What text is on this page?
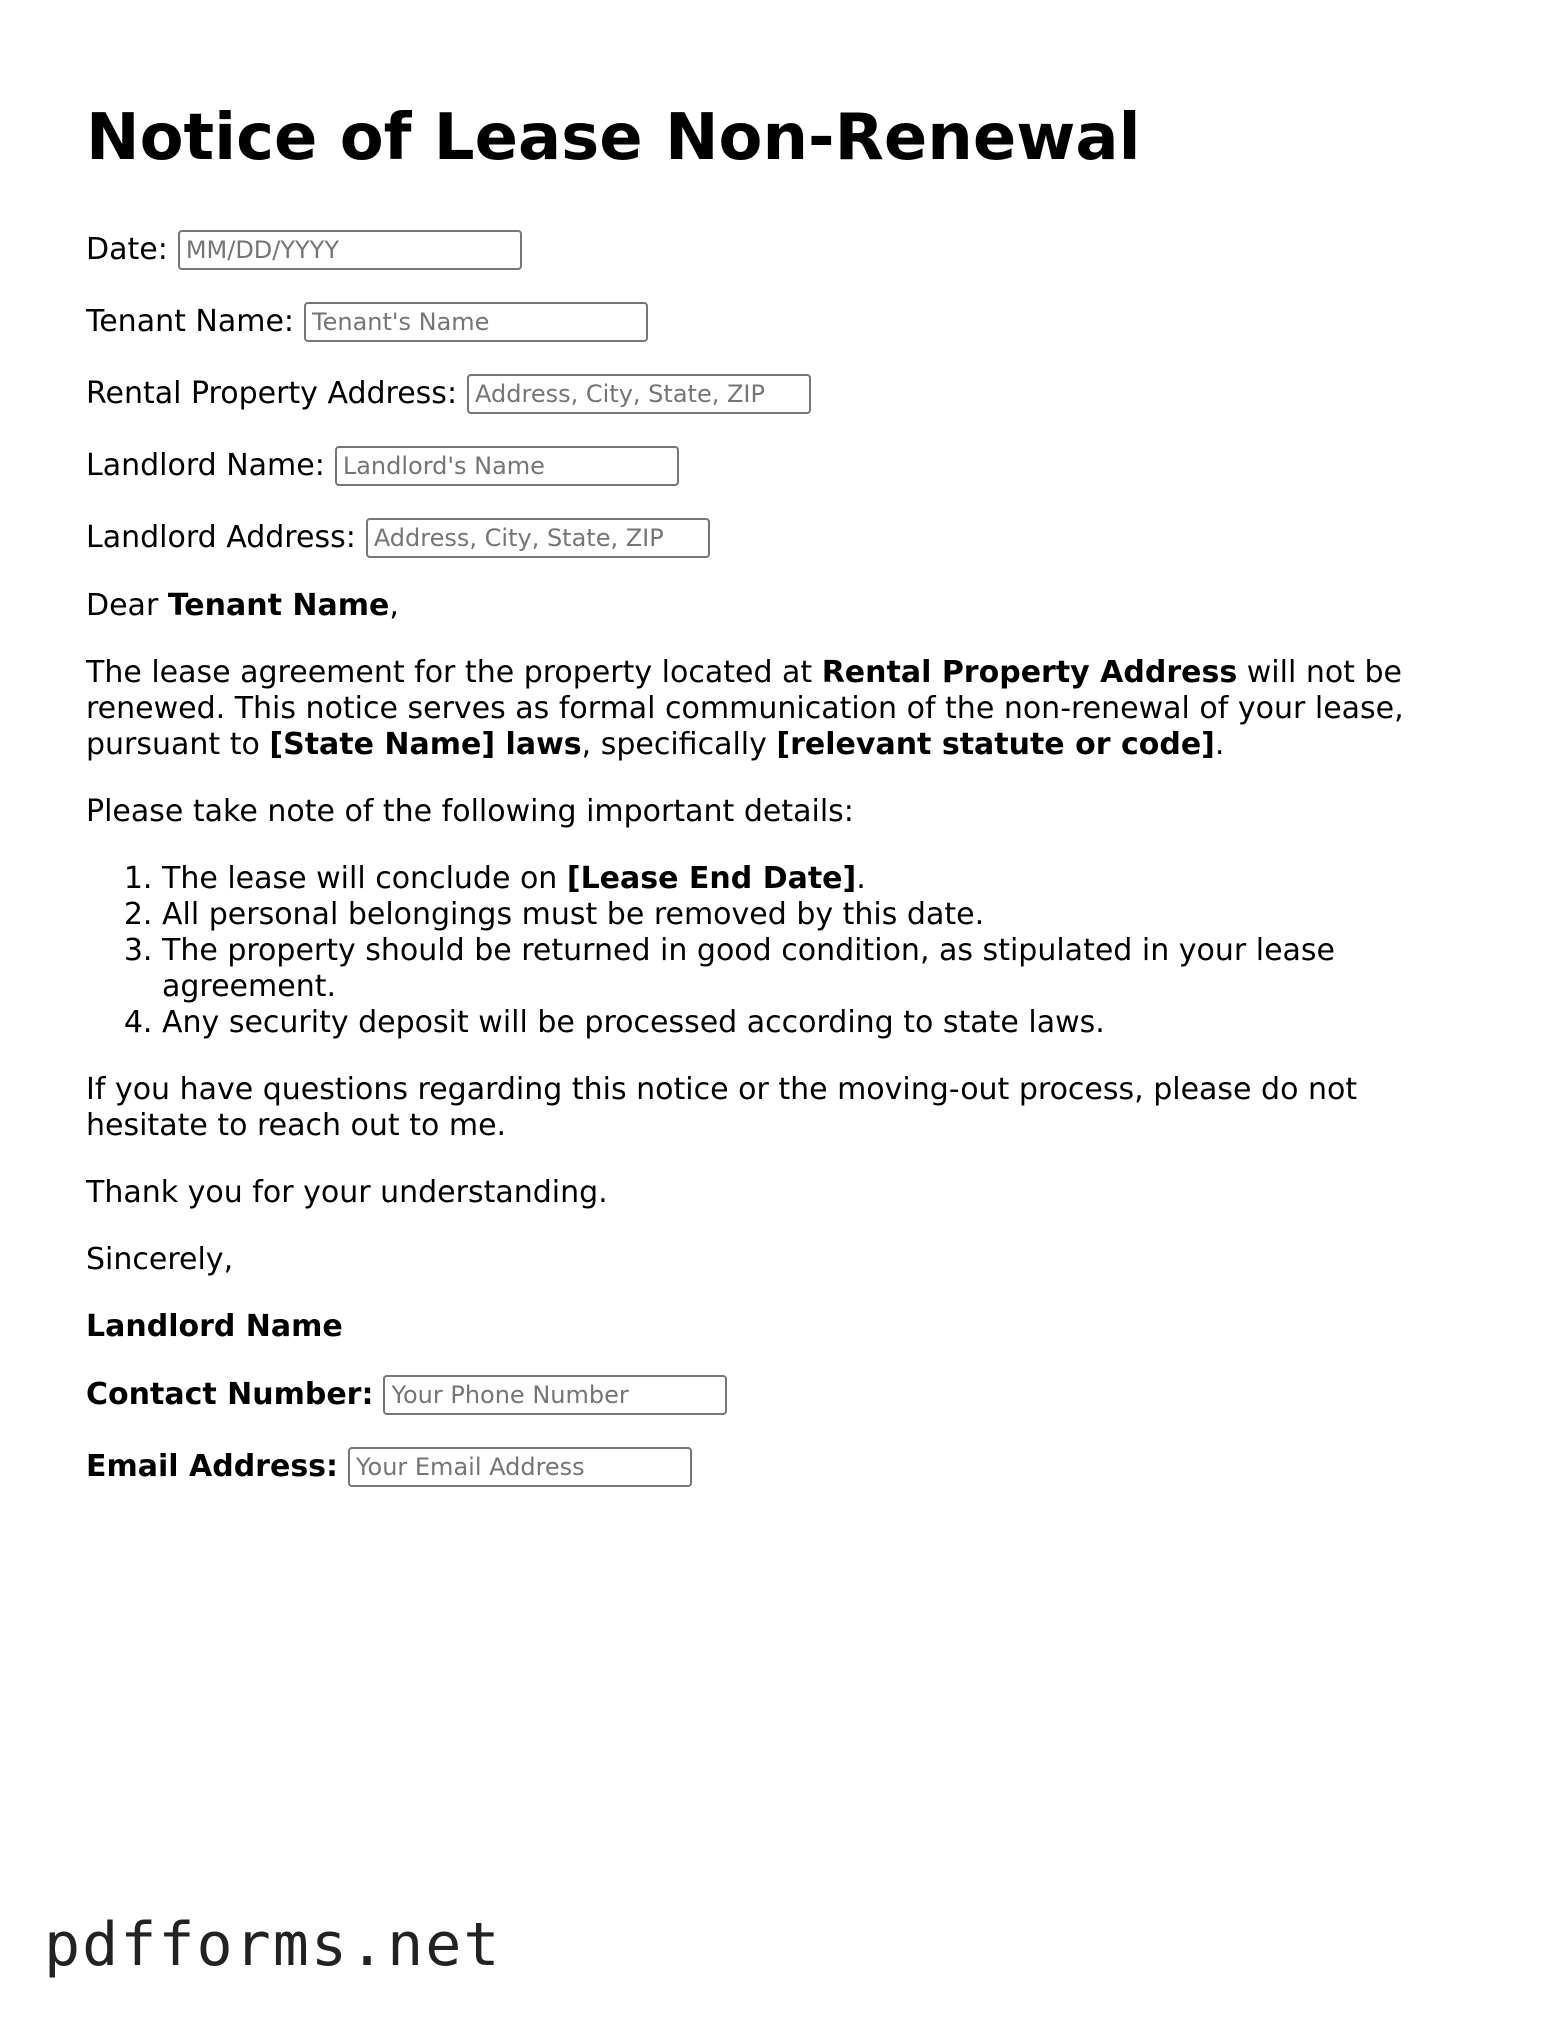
Notice of Lease Non-Renewal
Date:
MM/DD/YYYY
Tenant Name:
Tenant's Name
Rental Property Address:
Address, City, State, ZIP
Landlord Name:
Landlord's Name
Landlord Address:
Address, City, State, ZIP

Dear Tenant Name,

The lease agreement for the property located at Rental Property Address will not be renewed. This notice serves as formal communication of the non-renewal of your lease, pursuant to [State Name] laws, specifically [relevant statute or code].

Please take note of the following important details:

1. The lease will conclude on [Lease End Date].
2. All personal belongings must be removed by this date.
3. The property should be returned in good condition, as stipulated in your lease agreement.
4. Any security deposit will be processed according to state laws.

If you have questions regarding this notice or the moving-out process, please do not hesitate to reach out to me.

Thank you for your understanding.

Sincerely,

Landlord Name

Contact Number:
Your Phone Number
Email Address:
Your Email Address
pdfforms.net
